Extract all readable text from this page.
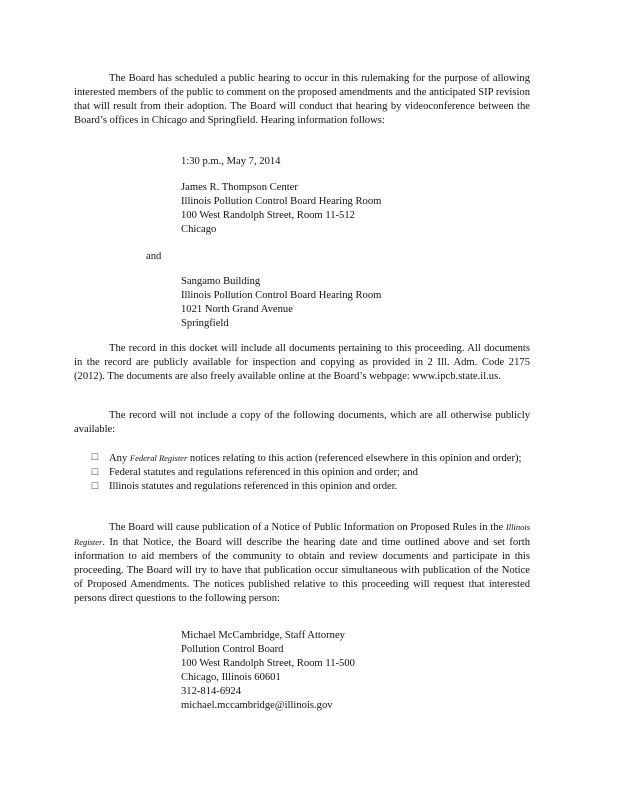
The Board has scheduled a public hearing to occur in this rulemaking for the purpose of allowing interested members of the public to comment on the proposed amendments and the anticipated SIP revision that will result from their adoption. The Board will conduct that hearing by videoconference between the Board’s offices in Chicago and Springfield. Hearing information follows:

1:30 p.m., May 7, 2014
James R. Thompson Center
Illinois Pollution Control Board Hearing Room
100 West Randolph Street, Room 11-512
Chicago

and

Sangamo Building
Illinois Pollution Control Board Hearing Room
1021 North Grand Avenue
Springfield

The record in this docket will include all documents pertaining to this proceeding. All documents in the record are publicly available for inspection and copying as provided in 2 Ill. Adm. Code 2175 (2012). The documents are also freely available online at the Board’s webpage: www.ipcb.state.il.us.

The record will not include a copy of the following documents, which are all otherwise publicly available:

□ Any Federal Register notices relating to this action (referenced elsewhere in this opinion and order);
□ Federal statutes and regulations referenced in this opinion and order; and
□ Illinois statutes and regulations referenced in this opinion and order.

The Board will cause publication of a Notice of Public Information on Proposed Rules in the Illinois Register. In that Notice, the Board will describe the hearing date and time outlined above and set forth information to aid members of the community to obtain and review documents and participate in this proceeding. The Board will try to have that publication occur simultaneous with publication of the Notice of Proposed Amendments. The notices published relative to this proceeding will request that interested persons direct questions to the following person:

Michael McCambridge, Staff Attorney
Pollution Control Board
100 West Randolph Street, Room 11-500
Chicago, Illinois 60601
312-814-6924
michael.mccambridge@illinois.gov
